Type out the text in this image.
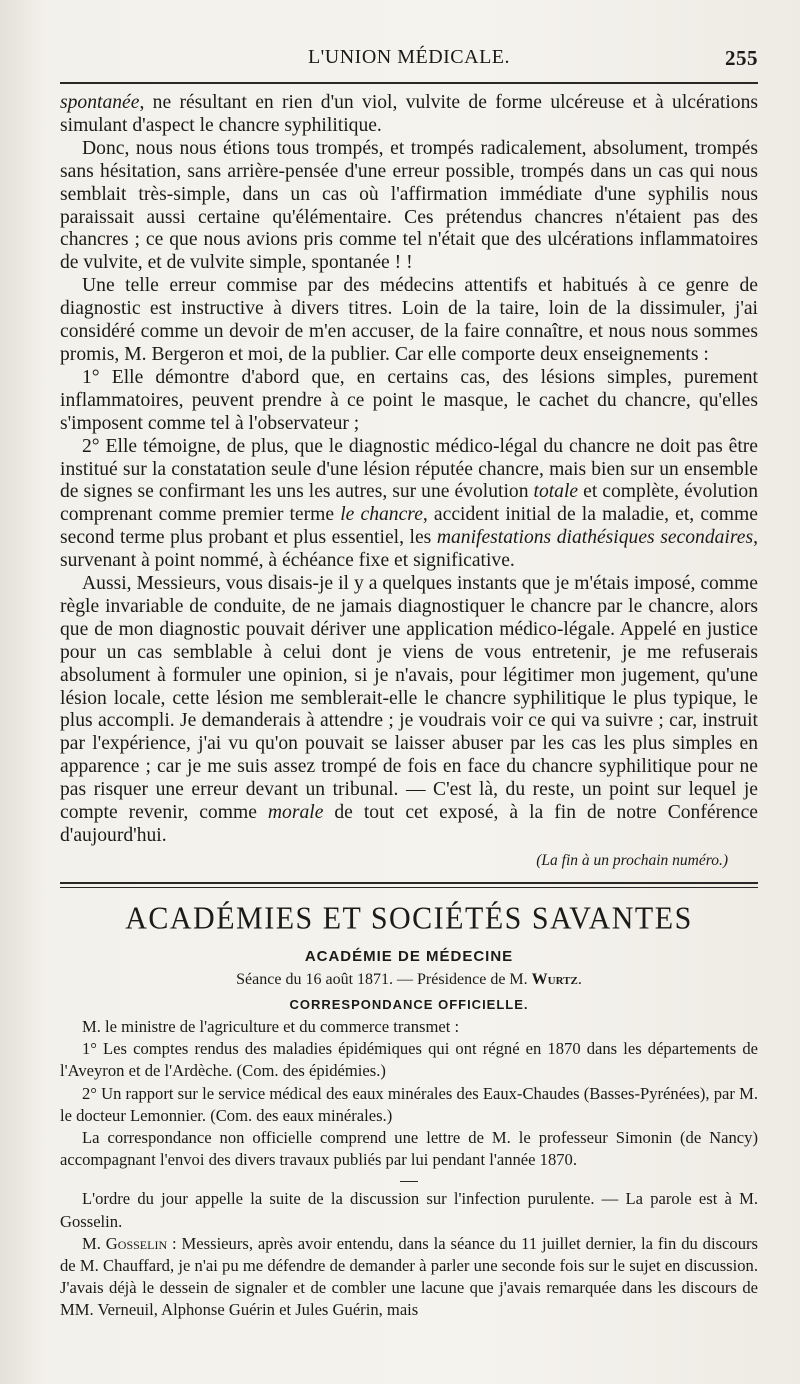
L'UNION MÉDICALE.	255

spontanée, ne résultant en rien d'un viol, vulvite de forme ulcéreuse et à ulcérations simulant d'aspect le chancre syphilitique.

Donc, nous nous étions tous trompés, et trompés radicalement, absolument, trompés sans hésitation, sans arrière-pensée d'une erreur possible, trompés dans un cas qui nous semblait très-simple, dans un cas où l'affirmation immédiate d'une syphilis nous paraissait aussi certaine qu'élémentaire. Ces prétendus chancres n'étaient pas des chancres ; ce que nous avions pris comme tel n'était que des ulcérations inflammatoires de vulvite, et de vulvite simple, spontanée ! !

Une telle erreur commise par des médecins attentifs et habitués à ce genre de diagnostic est instructive à divers titres. Loin de la taire, loin de la dissimuler, j'ai considéré comme un devoir de m'en accuser, de la faire connaître, et nous nous sommes promis, M. Bergeron et moi, de la publier. Car elle comporte deux enseignements :

1° Elle démontre d'abord que, en certains cas, des lésions simples, purement inflammatoires, peuvent prendre à ce point le masque, le cachet du chancre, qu'elles s'imposent comme tel à l'observateur ;

2° Elle témoigne, de plus, que le diagnostic médico-légal du chancre ne doit pas être institué sur la constatation seule d'une lésion réputée chancre, mais bien sur un ensemble de signes se confirmant les uns les autres, sur une évolution totale et complète, évolution comprenant comme premier terme le chancre, accident initial de la maladie, et, comme second terme plus probant et plus essentiel, les manifestations diathésiques secondaires, survenant à point nommé, à échéance fixe et significative.

Aussi, Messieurs, vous disais-je il y a quelques instants que je m'étais imposé, comme règle invariable de conduite, de ne jamais diagnostiquer le chancre par le chancre, alors que de mon diagnostic pouvait dériver une application médico-légale. Appelé en justice pour un cas semblable à celui dont je viens de vous entretenir, je me refuserais absolument à formuler une opinion, si je n'avais, pour légitimer mon jugement, qu'une lésion locale, cette lésion me semblerait-elle le chancre syphilitique le plus typique, le plus accompli. Je demanderais à attendre ; je voudrais voir ce qui va suivre ; car, instruit par l'expérience, j'ai vu qu'on pouvait se laisser abuser par les cas les plus simples en apparence ; car je me suis assez trompé de fois en face du chancre syphilitique pour ne pas risquer une erreur devant un tribunal. — C'est là, du reste, un point sur lequel je compte revenir, comme morale de tout cet exposé, à la fin de notre Conférence d'aujourd'hui.

(La fin à un prochain numéro.)
ACADÉMIES ET SOCIÉTÉS SAVANTES
ACADÉMIE DE MÉDECINE
Séance du 16 août 1871. — Présidence de M. Wurtz.
CORRESPONDANCE OFFICIELLE.

M. le ministre de l'agriculture et du commerce transmet :

1° Les comptes rendus des maladies épidémiques qui ont régné en 1870 dans les départements de l'Aveyron et de l'Ardèche. (Com. des épidémies.)

2° Un rapport sur le service médical des eaux minérales des Eaux-Chaudes (Basses-Pyrénées), par M. le docteur Lemonnier. (Com. des eaux minérales.)

La correspondance non officielle comprend une lettre de M. le professeur Simonin (de Nancy) accompagnant l'envoi des divers travaux publiés par lui pendant l'année 1870.

L'ordre du jour appelle la suite de la discussion sur l'infection purulente. — La parole est à M. Gosselin.

M. Gosselin : Messieurs, après avoir entendu, dans la séance du 11 juillet dernier, la fin du discours de M. Chauffard, je n'ai pu me défendre de demander à parler une seconde fois sur le sujet en discussion. J'avais déjà le dessein de signaler et de combler une lacune que j'avais remarquée dans les discours de MM. Verneuil, Alphonse Guérin et Jules Guérin, mais
